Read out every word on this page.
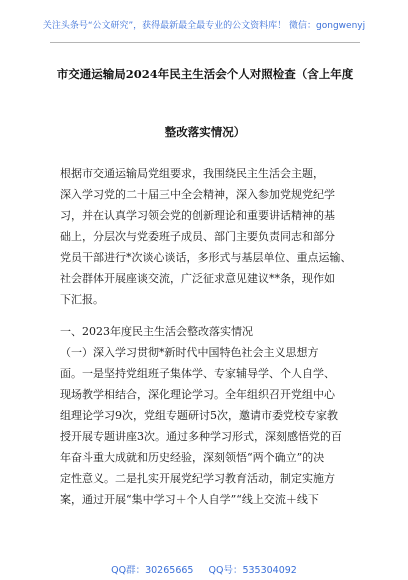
关注头条号“公文研究”，获得最新最全最专业的公文资料库！ 微信：gongwenyj
市交通运输局2024年民主生活会个人对照检查（含上年度
整改落实情况）
根据市交通运输局党组要求，我围绕民主生活会主题，
深入学习党的二十届三中全会精神，深入参加党规党纪学
习，并在认真学习领会党的创新理论和重要讲话精神的基
础上，分层次与党委班子成员、部门主要负责同志和部分
党员干部进行*次谈心谈话，多形式与基层单位、重点运输、
社会群体开展座谈交流，广泛征求意见建议**条，现作如
下汇报。
一、2023年度民主生活会整改落实情况
（一）深入学习贯彻*新时代中国特色社会主义思想方
面。一是坚持党组班子集体学、专家辅导学、个人自学、
现场教学相结合，深化理论学习。全年组织召开党组中心
组理论学习9次，党组专题研讨5次，邀请市委党校专家教
授开展专题讲座3次。通过多种学习形式，深刻感悟党的百
年奋斗重大成就和历史经验，深刻领悟“两个确立”的决
定性意义。二是扎实开展党纪学习教育活动，制定实施方
案，通过开展“集中学习＋个人自学”“线上交流＋线下
QQ群：30265665 QQ号：535304092
